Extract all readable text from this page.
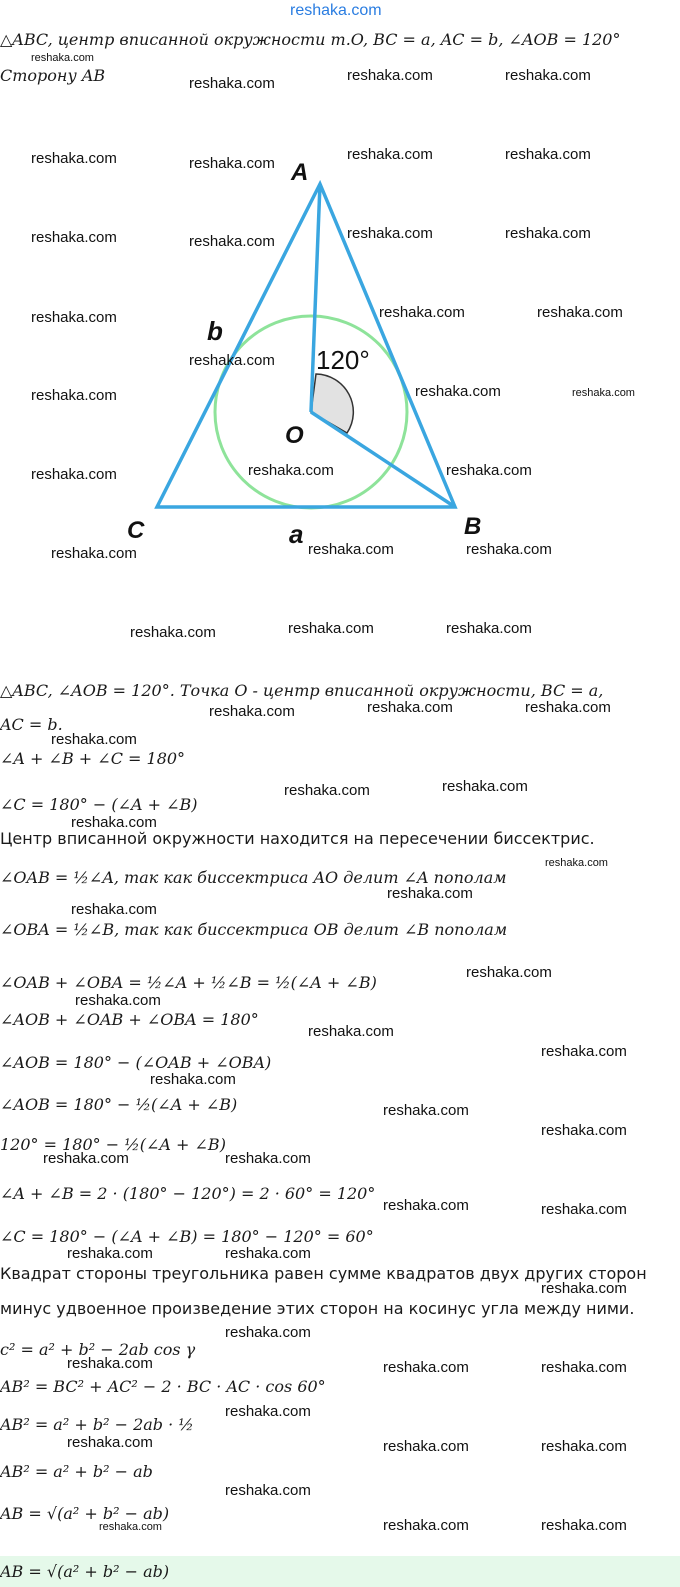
reshaka.com
△ABC, центр вписанной окружности т.O, BC = a, AC = b, ∠AOB = 120°
Сторону AB
A
B
C
O
a
b
120°
△ABC, ∠AOB = 120°. Точка O - центр вписанной окружности, BC = a,
AC = b.
∠A + ∠B + ∠C = 180°
∠C = 180° − (∠A + ∠B)
Центр вписанной окружности находится на пересечении биссектрис.
∠OAB = ½∠A, так как биссектриса AO делит ∠A пополам
∠OBA = ½∠B, так как биссектриса OB делит ∠B пополам
∠OAB + ∠OBA = ½∠A + ½∠B = ½(∠A + ∠B)
∠AOB + ∠OAB + ∠OBA = 180°
∠AOB = 180° − (∠OAB + ∠OBA)
∠AOB = 180° − ½(∠A + ∠B)
120° = 180° − ½(∠A + ∠B)
∠A + ∠B = 2 · (180° − 120°) = 2 · 60° = 120°
∠C = 180° − (∠A + ∠B) = 180° − 120° = 60°
Квадрат стороны треугольника равен сумме квадратов двух других сторон
минус удвоенное произведение этих сторон на косинус угла между ними.
c² = a² + b² − 2ab cos γ
AB² = BC² + AC² − 2 · BC · AC · cos 60°
AB² = a² + b² − 2ab · ½
AB² = a² + b² − ab
AB = √(a² + b² − ab)
AB = √(a² + b² − ab)
reshaka.com
reshaka.com	reshaka.com	reshaka.com
reshaka.com	reshaka.com
reshaka.com	reshaka.com
reshaka.com	reshaka.com	reshaka.com	reshaka.com
reshaka.com	reshaka.com	reshaka.com
reshaka.com
reshaka.com	reshaka.com	reshaka.com
reshaka.com	reshaka.com	reshaka.com
reshaka.com	reshaka.com	reshaka.com
reshaka.com	reshaka.com	reshaka.com
reshaka.com	reshaka.com	reshaka.com
reshaka.com
reshaka.com	reshaka.com
reshaka.com
reshaka.com
reshaka.com
reshaka.com
reshaka.com
reshaka.com
reshaka.com
reshaka.com
reshaka.com
reshaka.com
reshaka.com
reshaka.com	reshaka.com
reshaka.com	reshaka.com
reshaka.com	reshaka.com
reshaka.com
reshaka.com
reshaka.com	reshaka.com	reshaka.com
reshaka.com
reshaka.com	reshaka.com	reshaka.com
reshaka.com
reshaka.com	reshaka.com	reshaka.com
